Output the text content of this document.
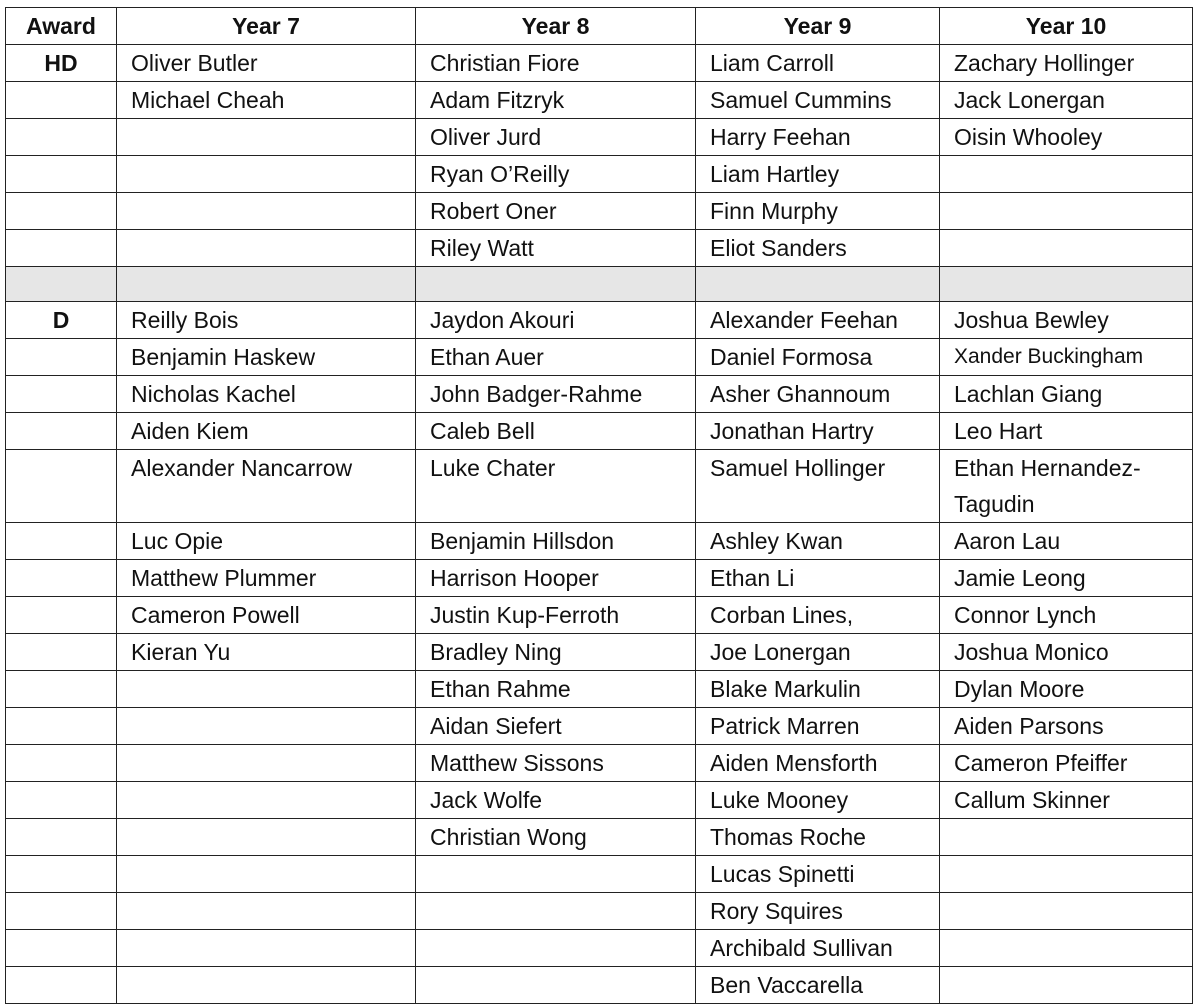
Award	Year 7	Year 8	Year 9	Year 10
HD	Oliver Butler	Christian Fiore	Liam Carroll	Zachary Hollinger
	Michael Cheah	Adam Fitzryk	Samuel Cummins	Jack Lonergan
		Oliver Jurd	Harry Feehan	Oisin Whooley
		Ryan O’Reilly	Liam Hartley	
		Robert Oner	Finn Murphy	
		Riley Watt	Eliot Sanders	

D	Reilly Bois	Jaydon Akouri	Alexander Feehan	Joshua Bewley
	Benjamin Haskew	Ethan Auer	Daniel Formosa	Xander Buckingham
	Nicholas Kachel	John Badger-Rahme	Asher Ghannoum	Lachlan Giang
	Aiden Kiem	Caleb Bell	Jonathan Hartry	Leo Hart
	Alexander Nancarrow	Luke Chater	Samuel Hollinger	Ethan Hernandez-Tagudin
	Luc Opie	Benjamin Hillsdon	Ashley Kwan	Aaron Lau
	Matthew Plummer	Harrison Hooper	Ethan Li	Jamie Leong
	Cameron Powell	Justin Kup-Ferroth	Corban Lines,	Connor Lynch
	Kieran Yu	Bradley Ning	Joe Lonergan	Joshua Monico
		Ethan Rahme	Blake Markulin	Dylan Moore
		Aidan Siefert	Patrick Marren	Aiden Parsons
		Matthew Sissons	Aiden Mensforth	Cameron Pfeiffer
		Jack Wolfe	Luke Mooney	Callum Skinner
		Christian Wong	Thomas Roche	
			Lucas Spinetti	
			Rory Squires	
			Archibald Sullivan	
			Ben Vaccarella	
